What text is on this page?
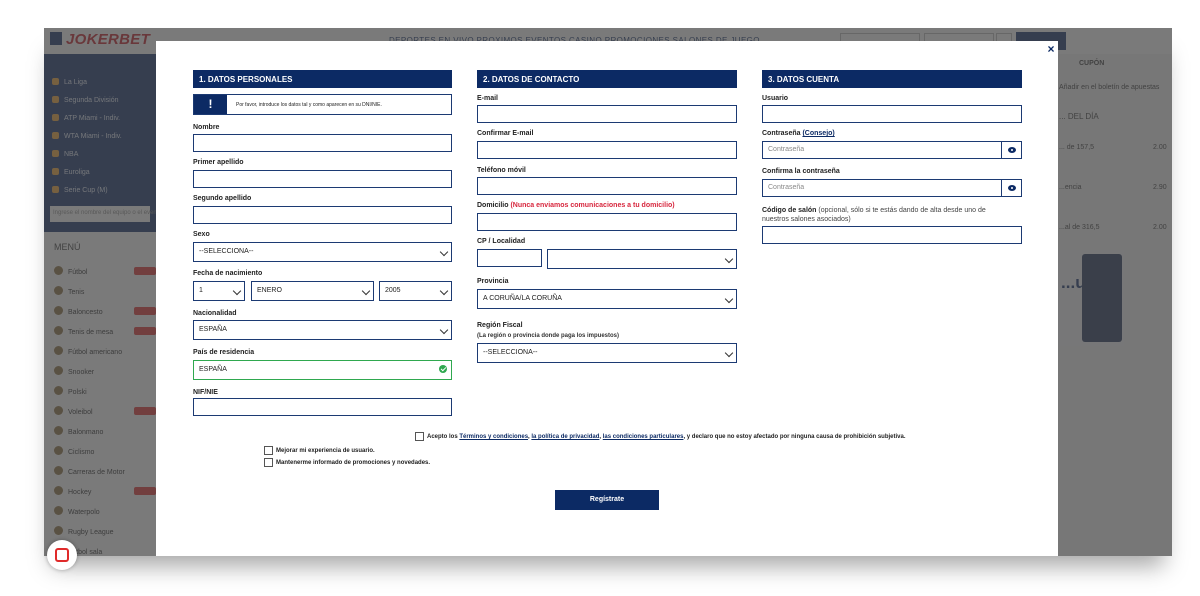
×
1. DATOS PERSONALES	2. DATOS DE CONTACTO	3. DATOS CUENTA
!	Por favor, introduce los datos tal y como aparecen en su DNI/NIE.
Nombre
Primer apellido
Segundo apellido
Sexo
--SELECCIONA--
Fecha de nacimiento
1	ENERO	2005
Nacionalidad
ESPAÑA
País de residencia
ESPAÑA
NIF/NIE
E-mail
Confirmar E-mail
Teléfono móvil
Domicilio (Nunca enviamos comunicaciones a tu domicilio)
CP / Localidad
Provincia
A CORUÑA/LA CORUÑA
Región Fiscal
(La región o provincia donde paga los impuestos)
--SELECCIONA--
Usuario
Contraseña (Consejo)
Contraseña
Confirma la contraseña
Contraseña
Código de salón (opcional, sólo si te estás dando de alta desde uno de
nuestros salones asociados)
Acepto los Términos y condiciones, la política de privacidad, las condiciones particulares, y declaro que no estoy afectado por ninguna causa de prohibición subjetiva.
Mejorar mi experiencia de usuario.
Mantenerme informado de promociones y novedades.
Regístrate
